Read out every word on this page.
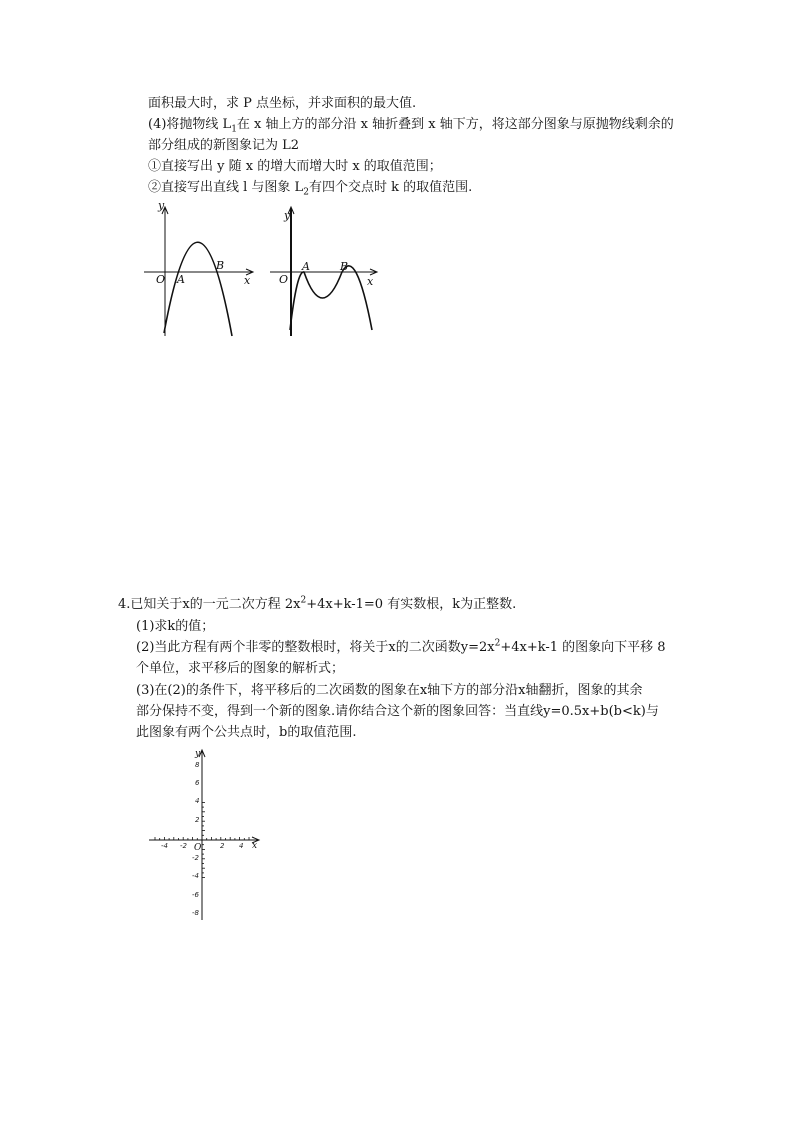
面积最大时，求 P 点坐标，并求面积的最大值.
(4)将抛物线 $L_1$在 x 轴上方的部分沿 x 轴折叠到 x 轴下方，将这部分图象与原抛物线剩余的
部分组成的新图象记为 L2
①直接写出 y 随 x 的增大而增大时 x 的取值范围；
②直接写出直线 l 与图象 $L_2$有四个交点时 k 的取值范围.
y
x
O A
B
y
x
O
A	B
4.已知关于x的一元二次方程 $2x^2+4x+k-1=0$ 有实数根，k为正整数.
(1)求k的值；
(2)当此方程有两个非零的整数根时，将关于x的二次函数$y=2x^2+4x+k-1$ 的图象向下平移 8
个单位，求平移后的图象的解析式；
(3)在(2)的条件下，将平移后的二次函数的图象在x轴下方的部分沿x轴翻折，图象的其余
部分保持不变，得到一个新的图象.请你结合这个新的图象回答：当直线y=0.5x+b(b<k)与
此图象有两个公共点时，b的取值范围.
-4 -2	2 4
8
6
4
2
-2
-4
-6
-8
y
x
O
